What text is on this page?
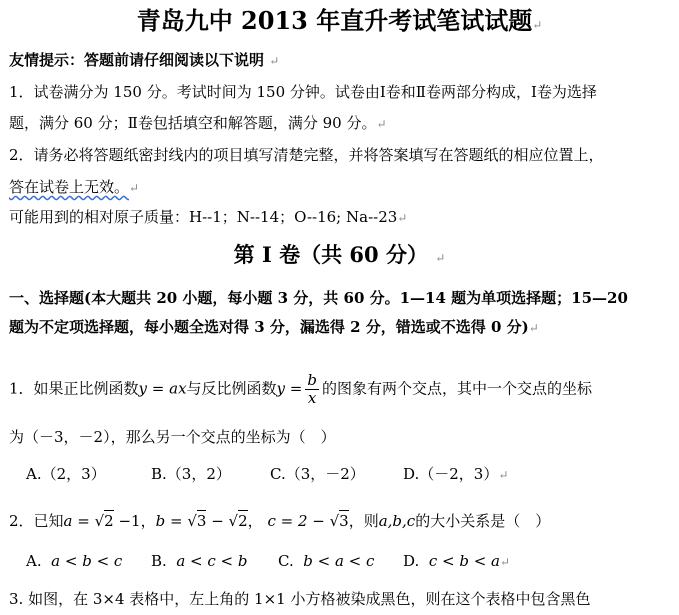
青岛九中 2013 年直升考试笔试试题↵
友情提示：答题前请仔细阅读以下说明 ↵
1．试卷满分为 150 分。考试时间为 150 分钟。试卷由Ⅰ卷和Ⅱ卷两部分构成，Ⅰ卷为选择
题，满分 60 分；Ⅱ卷包括填空和解答题，满分 90 分。↵
2．请务必将答题纸密封线内的项目填写清楚完整，并将答案填写在答题纸的相应位置上，
答在试卷上无效。↵
可能用到的相对原子质量：H--1；N--14；O--16; Na--23↵
第 Ⅰ 卷（共 60 分） ↵
一、选择题(本大题共 20 小题，每小题 3 分，共 60 分。1—14 题为单项选择题；15—20
题为不定项选择题，每小题全选对得 3 分，漏选得 2 分，错选或不选得 0 分)↵
1．如果正比例函数y = ax与反比例函数$y = \frac{b}{x}$ 的图象有两个交点，其中一个交点的坐标
为（－3，－2），那么另一个交点的坐标为（　）
A.（2，3）	B.（3，2）	C.（3，－2）	D.（－2，3）↵
2．已知a = √2 −1，b = √3 − √2， c = 2 − √3，则a,b,c的大小关系是（　）
A. a < b < c B. a < c < b C. b < a < c D. c < b < a↵
3. 如图，在 3×4 表格中，左上角的 1×1 小方格被染成黑色，则在这个表格中包含黑色
